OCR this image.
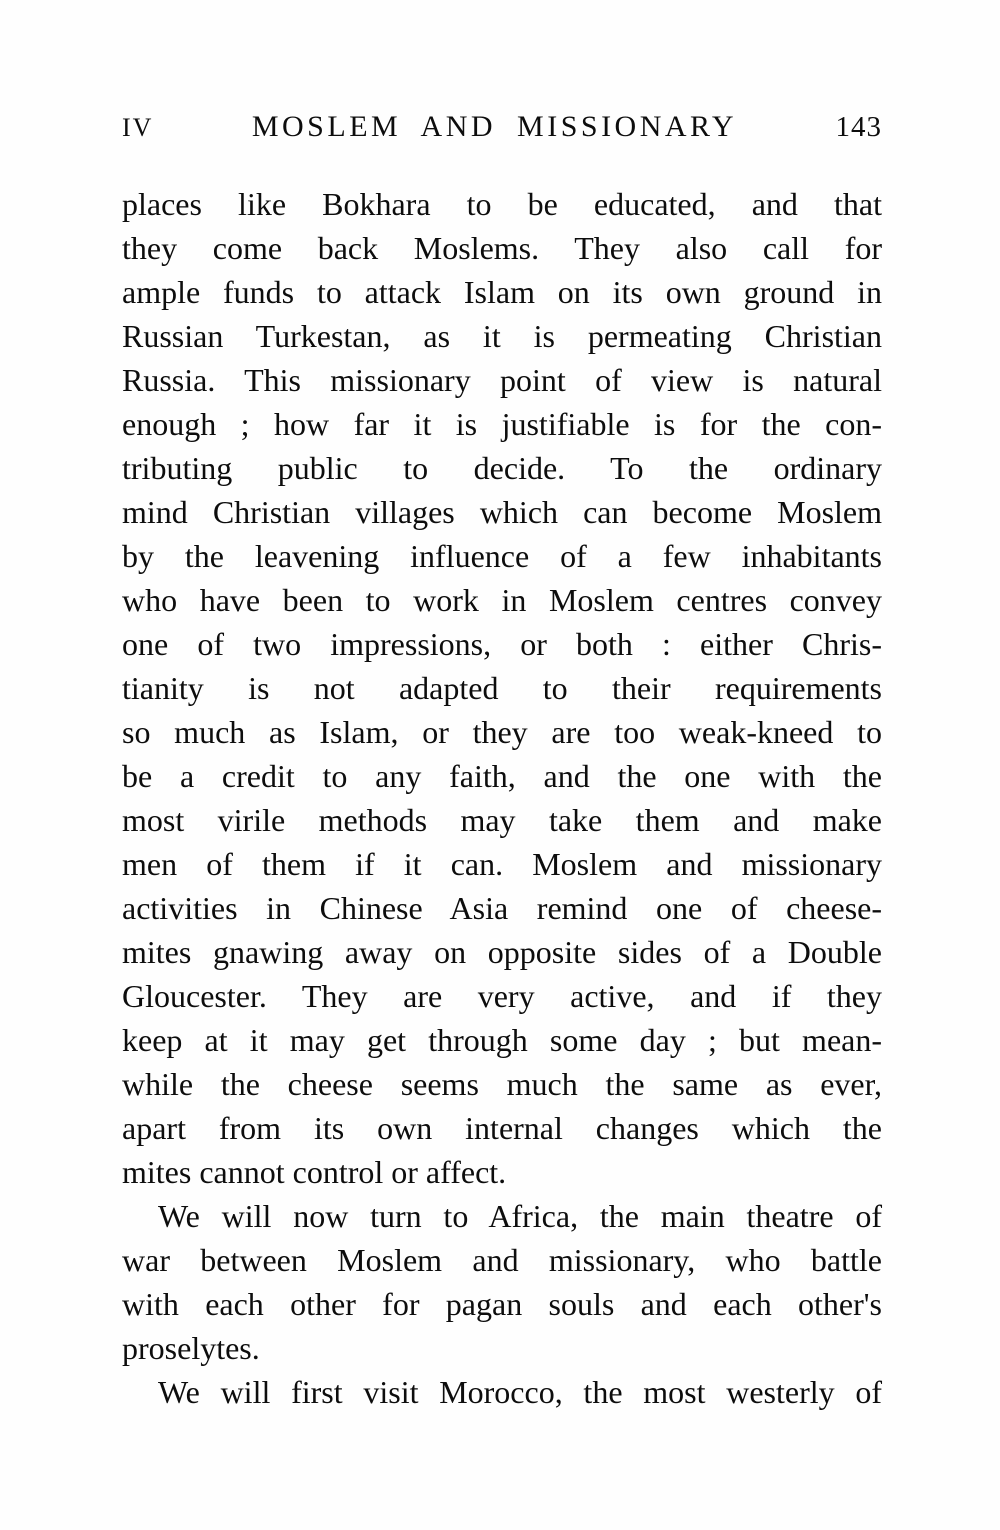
IV	MOSLEM AND MISSIONARY	143
places like Bokhara to be educated, and that
they come back Moslems. They also call for
ample funds to attack Islam on its own ground in
Russian Turkestan, as it is permeating Christian
Russia. This missionary point of view is natural
enough ; how far it is justifiable is for the con-
tributing public to decide. To the ordinary
mind Christian villages which can become Moslem
by the leavening influence of a few inhabitants
who have been to work in Moslem centres convey
one of two impressions, or both : either Chris-
tianity is not adapted to their requirements
so much as Islam, or they are too weak-kneed to
be a credit to any faith, and the one with the
most virile methods may take them and make
men of them if it can. Moslem and missionary
activities in Chinese Asia remind one of cheese-
mites gnawing away on opposite sides of a Double
Gloucester. They are very active, and if they
keep at it may get through some day ; but mean-
while the cheese seems much the same as ever,
apart from its own internal changes which the
mites cannot control or affect.
We will now turn to Africa, the main theatre of
war between Moslem and missionary, who battle
with each other for pagan souls and each other's
proselytes.
We will first visit Morocco, the most westerly of
